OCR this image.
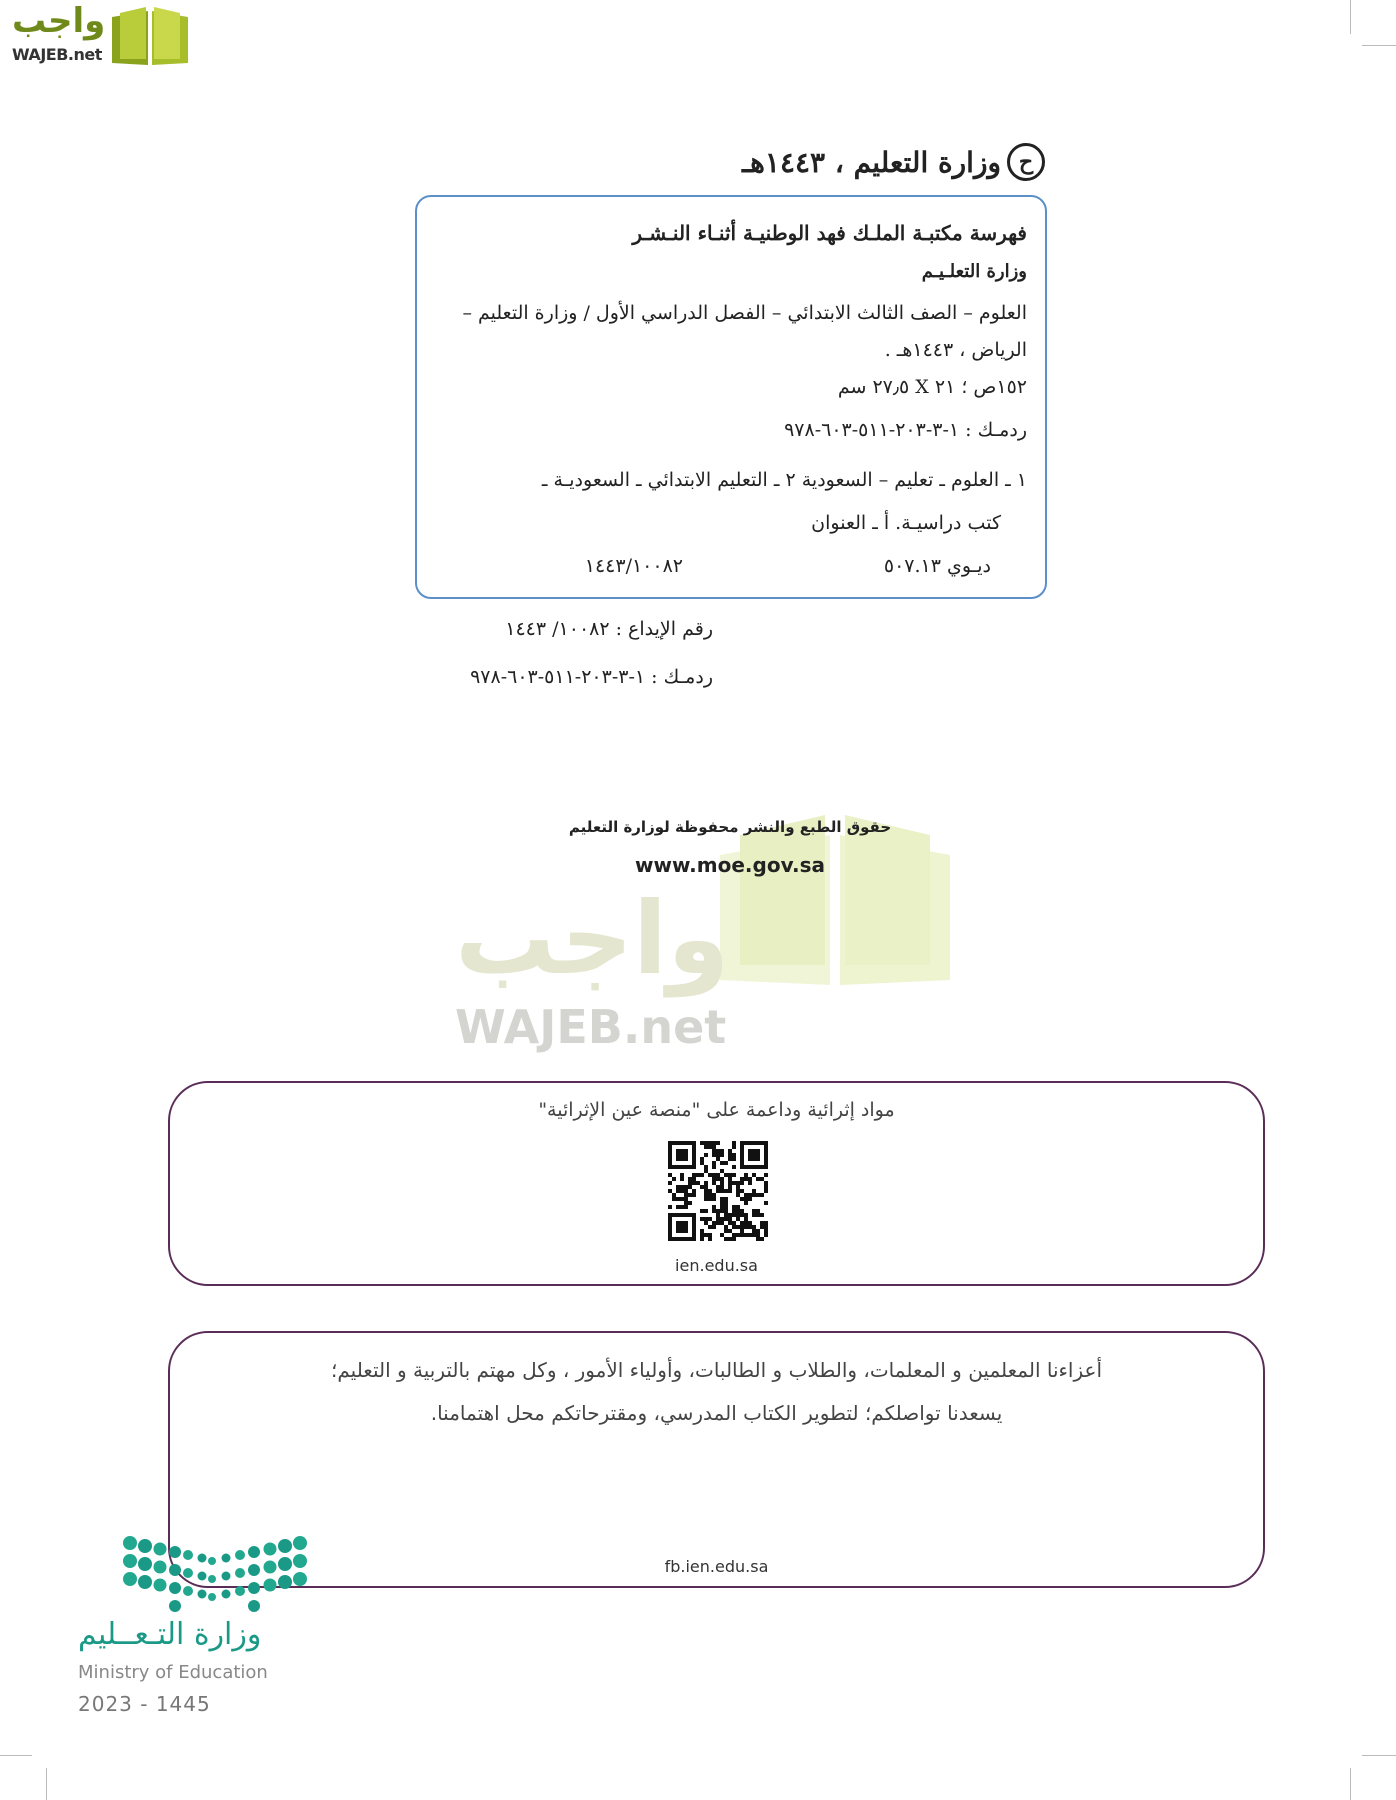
واجب
WAJEB.net
ح
وزارة التعليم ، ١٤٤٣هـ
فهرسة مكتبـة الملـك فهد الوطنيـة أثنـاء النـشـر
وزارة التعلـيـم
العلوم – الصف الثالث الابتدائي – الفصل الدراسي الأول / وزارة التعليم –
الرياض ، ١٤٤٣هـ .
١٥٢ص ؛ ٢١ X ٢٧٫٥ سم
ردمـك : ١-٣-٢٠٣-٥١١-٦٠٣-٩٧٨
١ ـ العلوم ـ تعليم – السعودية ٢ ـ التعليم الابتدائي ـ السعوديـة ـ
كتب دراسيـة. أ ـ العنوان
ديـوي ٥٠٧.١٣
١٤٤٣/١٠٠٨٢
رقم الإيداع : ١٠٠٨٢/ ١٤٤٣
ردمـك : ١-٣-٢٠٣-٥١١-٦٠٣-٩٧٨
واجب
WAJEB.net
حقوق الطبع والنشر محفوظة لوزارة التعليم
www.moe.gov.sa
مواد إثرائية وداعمة على "منصة عين الإثرائية"
ien.edu.sa
أعزاءنا المعلمين و المعلمات، والطلاب و الطالبات، وأولياء الأمور ، وكل مهتم بالتربية و التعليم؛
يسعدنا تواصلكم؛ لتطوير الكتاب المدرسي، ومقترحاتكم محل اهتمامنا.
fb.ien.edu.sa
وزارة التـعــليم
Ministry of Education
2023 - 1445
